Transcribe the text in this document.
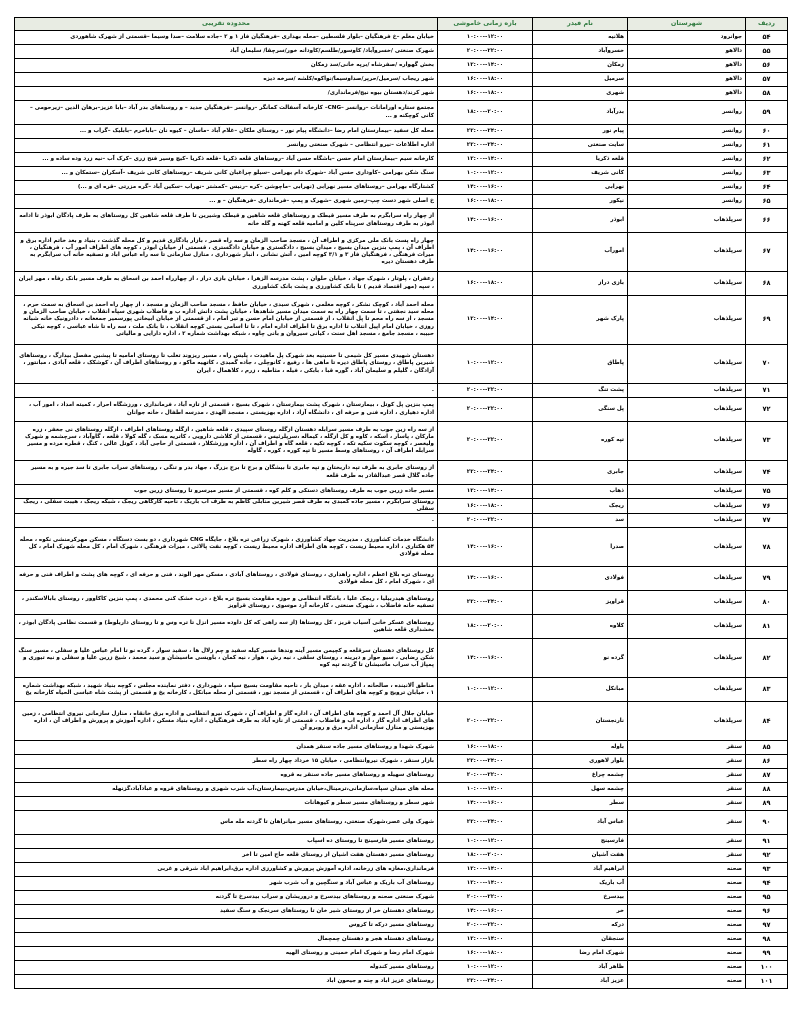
ردیف	شهرستان	نام فیدر	بازه زمانی خاموشی	محدوده تقریبی
۵۴	جوانرود	هلانیه	۱۰:۰۰--۱۲:۰۰	خیابان معلم –خ فرهنگیان –بلوار فلسطین –محله بهداری –فرهنگیان فاز ۱ و ۲ –جاده سلامت –صدا وسیما –قسمتی از شهرک شاهوردی
۵۵	دالاهو	خسروآباد	۲۰:۰۰--۲۲:۰۰	شهرک صنعتی /خسروآباد/ کاوسور/طلسم/کاودانه خور/سرچقا/ سلیمان آباد
۵۶	دالاهو	زمکان	۱۲:۰۰--۱۴:۰۰	بخش گهواره /صفرشاه /برپه خانی/سد زمکان
۵۷	دالاهو	سرمیل	۱۶:۰۰--۱۸:۰۰	شهر ریجاب /سرمیل/حرپر/صداوسیما/نواکوه/کلشه /سرخه دیزه
۵۸	دالاهو	شهری	۱۶:۰۰--۱۸:۰۰	شهر کرند/دهستان بیوه نیج/فرمانداری/
۵۹	روانسر	بدرآباد	۱۸:۰۰--۲۰:۰۰	مجتمع ستاره اورامانات –روانسر –CNG– کارخانه آسفالت کمانگر –روانسر –فرهنگیان جدید – و روستاهای بدر آباد –بابا عزیز–برهان الدین –زیرحومی –کانی کوچکنه و ...
۶۰	روانسر	پیام نور	۲۲:۰۰--۲۴:۰۰	محله کل سفید –بیمارستان امام رضا –دانشگاه پیام نور – روستای ملکان –غلام آباد –ماسان – کیوه نان –باباخرم –بابلیک –گراب و ...
۶۱	روانسر	سایت صنعتی	۲۲:۰۰--۲۴:۰۰	اداره اطلاعات –نیرو انتظامی – شهرک صنعتی روانسر
۶۲	روانسر	قلعه ذکریا	۱۲:۰۰--۱۴:۰۰	کارخانه سیم –بیمارستان امام حسن –باشگاه حسن آباد –روستاهای قلعه ذکریا –قلعه ذکریا –کیچ وسیر فتح زری –کرک آب –نیه زرد وده ساده و ...
۶۳	روانسر	کانی شریف	۱۰:۰۰--۱۲:۰۰	سنگ شکن بهرامی –کاوداری حسن آباد –شهرک دام بهرامی –سیلو چراغبان کانی شریف –روستاهای کانی شریف –آسکران –ستمکان و ...
۶۴	روانسر	نهرابی	۱۴:۰۰--۱۶:۰۰	کشتارگاه بهرامی –روستاهای مسیر نهرابی (نهرابی –ماچوشن –کره –رنیس –کمشتر –نهراب –سکین آباد –گره مزرتی –قره ای و ...)
۶۵	روانسر	نیکور	۱۶:۰۰--۱۸:۰۰	خ اصلی شهر دست چپ–زمین شهری –شهرک و پمپ –فرمانداری –فرهنگیان – و ...
۶۶	سرپلذهاب	ابوذر	۱۴:۰۰--۱۶:۰۰	از چهار راه سرابگرم به طرف مسیر قیطک و روستاهای قلعه شاهین و قیطک وشیرین تا طرف قلعه شاهین کل روستاهای به طرف پادگان ابوذر تا ادامه ابوذر به طرف روستاهای سرپناه کلین و امامیه قلعه کهنه و گله خانه
۶۷	سرپلذهاب	امورآب	۱۴:۰۰--۱۶:۰۰	چهار راه پست بانک ملی مرکزی و اطراف آن ، مسجد صاحب الزمان و سه راه قصر ، بازار یادگاری قدیم و کل محله گذشت ، بنیاد و بعد خاتم اداره برق و اطراف آن ، پمپ بنزین میدان بسیج ، میدان بسیج ، دادگستری و خیابان دادگستری ، قسمتی از خیابان ابوذر ، کوچه های اطراف امور آب ، فرهنگیان ، میراث فرهنگی ، فرهنگیان فاز ۳ و ۳/۱ کوچه امین ، آتش نشانی ، انبار شهرداری ، منازل سازمانی تا سه راه عباس اباد و تصفیه خانه آب سرابگرم به طرف دهستان دیره
۶۸	سرپلذهاب	بازی دراز	۱۶:۰۰--۱۸:۰۰	زعفران ، پلوتار ، شهرک جهاد ، خیابان حلوان ، پشت مدرسه الزهرا ، خیابان بازی دراز ، از چهارراه احمد بن اسحاق به طرف مسیر بانک رفاه ، مهر ایران ، سپه (مهر اقتصاد قدیم ) تا بانک کشاورزی و پشت بانک کشاورزی
۶۹	سرپلذهاب	پارک شهر	۱۲:۰۰--۱۴:۰۰	محله احمد آباد ، کوچک نشکر ، کوچه معلمی ، شهرک سیدی ، خیابان حافظ ، مسجد صاحب الزمان و مسجد ، از چهار راه احمد بن اسحاق به سمت حرم ، محله سید نجفتی ، تا سمت چهار راه به سمت میدان مسیر شاهدها ، خیابان پشت دانش اداره ب و فاضلاب شهری سپاه انقلاب ، خیابان صاحب الزمان و مسجد ، از سه راه محم تا پل انقلاب ، از قسمتی از خیابان امام حسن و تیر امام ، از قسمتی از خیابان ابیخانی پورسمیر جمعغانه ، دادرونیک خانه شبانه روزی ، خیابان امام اپیل انتلاب تا اداره برق تا اطراف اداره امام ، تا تا اسامی بستی کوچه انقلاب ، تا بانک ملت ، سه راه تا شاه عباسی ، کوچه نیکی حبیبه ، مسجد جامع ، مسجد اهل سنت ، کیانی سیروان و بانی چاوه ، شبکه بهداشت شماره ۲ ، اداره دارایی و مالیاتی
۷۰	سرپلذهاب	پاطاق	۱۰:۰۰--۱۲:۰۰	دهستان شهیدی مسیر کل شیمی تا حسینیه بعد شهرک پل ماهیدت ، پلیس راه ، مسیر ریزوند تغلب تا روستای امامیه تا پیشین مفصل بیدارگ ، روستاهای شیرین پاطاق ، روستای پاطاق دیره تا ماهی ها ، رفیع ، کانوچلی ، جاده گمبدی ، کاتهیه ماکو ، و روستاهای اطراف آن ، کوشکک ، قلعه آبادی ، مبانتور ، آزادگان ، گلیلم و سلیمان آباد ، گوره قبا ، بابکی ، فیله ، مثاطیه ، زرم ، کلاهمال ، ایران
۷۱	سرپلذهاب	پشت تنگ	۲۰:۰۰--۲۲:۰۰	.
۷۲	سرپلذهاب	پل سنگی	۲۰:۰۰--۲۲:۰۰	پمپ بنزین پل کوتل ، بیمارستان ، شهرک پشت بیمارستان ، شهرک بسیج ، قسمتی از تازه آباد ، فرمانداری ، ورزشگاه احرار ، کمیته امداد ، امور آب ، اداره دهیاری ، اداره فنی و حرفه ای ، دانشگاه آزاد ، اداره بهزیستی ، مسجد الهدی ، مدرسه اطفال ، خانه جوانان
۷۳	سرپلذهاب	تپه کوره	۲۰:۰۰--۲۲:۰۰	از سه راه زین جوب به طرف مسیر سرابله دهستان ازگله روستای سپیدی ، قلعه شاهین ، ازگله روستاهای اطراف ، ازگله روستاهای نی جعفر ، زره مارکان ، پاسار ، اسکه ، کاوه و کل ازگله ، کیماله ،سرپلرئیس ، قسمتی از کلاشی دارویی ، کاتریه مسک ، گله کولا ، قلعه ، گاوآباد ، سرچشمه و شهرک ولیعصر ، کوچه سکوت سکیه تکه ، کوچه تکیه ، قلعه گاه و اطراف آن ، اداره ورزشکلار ، قسمتی از حاجی آباد ، کوتل عالی ، کنگ ، قطره مرده و مسیر سرابله اطراف آن ، روستاهای وسط مسیر تا تپه کوره ، کوره ، گاوله
۷۴	سرپلذهاب	جابری	۲۲:۰۰--۲۴:۰۰	از روستای جابری به طرف تپه داربختان و تپه جابری تا بیشگان و برج تا برج بزرگ ، جهاد بدر و تنگی ، روستاهای سراب جابری تا سد جیره و به مسیر جاده گلال قصر عبدالقادر به طرف قلعه
۷۵	سرپلذهاب	ذهاب	۱۲:۰۰--۱۴:۰۰	مسیر جاده زرین جوب به طرف روستاهای دستکی و کلم کوه ، قسمتی از مسیر میرسرو تا روستای زرین جوب
۷۶	سرپلذهاب	ریجک	۱۶:۰۰--۱۸:۰۰	روستای سرابگرم ، مسیر جاده گمبدی به طرف قصر شیرین منابلی کاظم به طرف آب باریک ، ناحیه کارگاهی ریجک ، شبکه ریجک ، هیبت سفلی ، ریجک سفلی
۷۷	سرپلذهاب	سد	۲۰:۰۰--۲۲:۰۰	.
۷۸	سرپلذهاب	صدرا	۱۴:۰۰--۱۶:۰۰	دانشگاه خدمات کشاورزی ، مدیریت جهاد کشاورزی ، شهرک زراعی تره بلاغ ، جایگاه CNG شهرداری ، دو بست دستگاه ، مسکن مهرکرمنشی نکوه ، محله ۵۴ هکتاری ، اداره محیط زیست ، کوچه های اطراف اداره محیط زیست ، کوچه نفت پالائی ، میراث فرهنگی ، شهرک امام ، کل محله شهرک امام ، کل محله فولادی
۷۹	سرپلذهاب	فولادی	۱۴:۰۰--۱۶:۰۰	روستای تره بلاغ اعظم ، اداره راهداری ، روستای فولادی ، روستاهای آبادی ، مسکن مهر الوند ، فنی و حرفه ای ، کوچه های پشت و اطراف فنی و حرفه ای ، شهرک امام ، کل محله فولادی
۸۰	سرپلذهاب	قراویز	۲۲:۰۰--۲۴:۰۰	روستاهای هیدربیلیا ، ریجک علیا ، باشگاه انتظامی و حوزه مقاومت بسیج تره بلاغ ، درب خشک کنی محمدی ، پمپ بنزین کاکاوور ، روستای بابالاسکندر ، تصفیه خانه فاضلاب ، شهرک صنعتی ، کارخانه آرد موسوی ، روستای قراویز
۸۱	سرپلذهاب	کلاوه	۱۸:۰۰--۲۰:۰۰	روستاهای عسکر خانی آسیاب قربز ، کل روستاها (از سه راهی که کل داوده مسیر انزل تا تره وس و تا روستای داربلوط) و قسمت نظامی پادگان ابوذر ، بخشداری قلعه شاهین
۸۲	سرپلذهاب	گرده نو	۱۴:۰۰--۱۶:۰۰	کل روستاهای دهستان سرقلعه و کچیمن مسیر آینه وندها مسیر کیله سفید و چم زلال ها ، سفید سوار ، گرده نو تا امام عباس علیا و سفلی ، مسیر سنگ شکن رضایی ، سیو حوار و دیرینه ، روستای سلفی ، نیه رش ، هوار ، نیه کمان ، باویسی ماسیشان و سید محمد ، شیخ زرین علیا و سفلی و نیه تیوری و پمپاژ آب سراب ماسیشان تا گردنه تپه کوه
۸۳	سرپلذهاب	مبانکل	۱۰:۰۰--۱۲:۰۰	مناطق آلانینده ، صالحانه ، اداره عقه ، میدان بار ، ناحیه مقاومت بسیج سپاه ، شهرداری ، دفتر نماینده مجلس ، کوچه بنیاد شهید ، شبکه بهداشت شماره ۱ ، خیابان ترویج و کوچه های اطراف آن ، قسمتی از مسجد نور ، قسمتی از محله مبانکل ، کارخانه یخ و قسمتی از پشت شاه عباسی الحیاه کارخانه یخ
۸۴	سرپلذهاب	نارنجستان	۲۰:۰۰--۲۲:۰۰	خیابان جلال آل احمد و کوچه های اطراف آن ، اداره گاز و اطراف آن ، شهرک نیرو انتظامی و اداره برق خانقاه ، منازل سازمانی نیروی انتظامی ، زمین های اطراف اداره گاز ، اداره اب و فاضلاب ، قسمتی از نازه آباد به طرف فرهنگیان ، اداره بنیاد مسکن ، اداره آموزش و پرورش و اطراف آن ، اداره بهزیستی و منازل سازمانی اداره برق و روبرو آن
۸۵	سنقر	باوله	۱۶:۰۰--۱۸:۰۰	شهرک شهدا و روستاهای مسیر جاده سنقر همدان
۸۶	سنقر	بلوار لاهوری	۲۲:۰۰--۲۴:۰۰	بازار سنقر ، شهرک نیروانتظامی ، خیابان ۱۵ خرداد چهار راه سطر
۸۷	سنقر	چشمه چراغ	۲۰:۰۰--۲۲:۰۰	روستاهای سهیله و روستاهای مسیر جاده سنقر به قروه
۸۸	سنقر	چشمه سهل	۱۰:۰۰--۱۲:۰۰	محله های میدان سپاه،سازمانی،ترمینال،خیابان مدرس،بیمارستان،آب شرب شهری و روستاهای قروه و عبادآباد،گزنهله
۸۹	سنقر	سطر	۱۴:۰۰--۱۶:۰۰	شهر سطر و روستاهای مسیر سطر و کیوهانات
۹۰	سنقر	عباس آباد	۲۲:۰۰--۲۴:۰۰	شهرک ولی عصر،شهرک صنعتی، روستاهای مسیر میانراهان تا گردنه مله ماس
۹۱	سنقر	فارسینج	۱۰:۰۰--۱۲:۰۰	روستاهای مسیر فارسینج تا روستای ده اسپاب
۹۲	سنقر	هفت آشیان	۱۸:۰۰--۲۰:۰۰	روستاهای مسیر دهستان هفت اشیان از روستای قلعه حاج امین تا اخر
۹۳	صحنه	ابراهیم آباد	۱۲:۰۰--۱۴:۰۰	فرمانداری،مغازه های زرخانه، اداره آموزش پرورش و کشاورزی اداره برق،ابراهیم اباد شرقی و غربی
۹۴	صحنه	آب باریک	۱۲:۰۰--۱۴:۰۰	روستاهای آب باریک و عباس آباد و سنگچین و آب شرب شهر
۹۵	صحنه	بیدسرخ	۲۰:۰۰--۲۲:۰۰	شهرک صنعتی صحنه و روستاهای بیدسرخ و دروریشان و سراب بیدسرخ تا گردنه
۹۶	صحنه	خر	۱۴:۰۰--۱۶:۰۰	روستاهای دهستان خر از روستای شیر خان تا روستاهای سرنجک و سنگ سفید
۹۷	صحنه	درکه	۲۰:۰۰--۲۲:۰۰	روستاهای مسیر درکه تا کروس
۹۸	صحنه	سنجقان	۱۲:۰۰--۱۴:۰۰	روستاهای دهستاه هجر و دهستان چمچمال
۹۹	صحنه	شهرک امام رضا	۱۶:۰۰--۱۸:۰۰	شهرک امام رضا و شهرک امام خمینی و روستای الهیه
۱۰۰	صحنه	ظاهر آباد	۱۰:۰۰--۱۲:۰۰	روستاهای مسیر کندوله
۱۰۱	صحنه	عزیز آباد	۲۲:۰۰--۲۴:۰۰	روستاهای عزیز اباد و چنه و جیحون اباد
